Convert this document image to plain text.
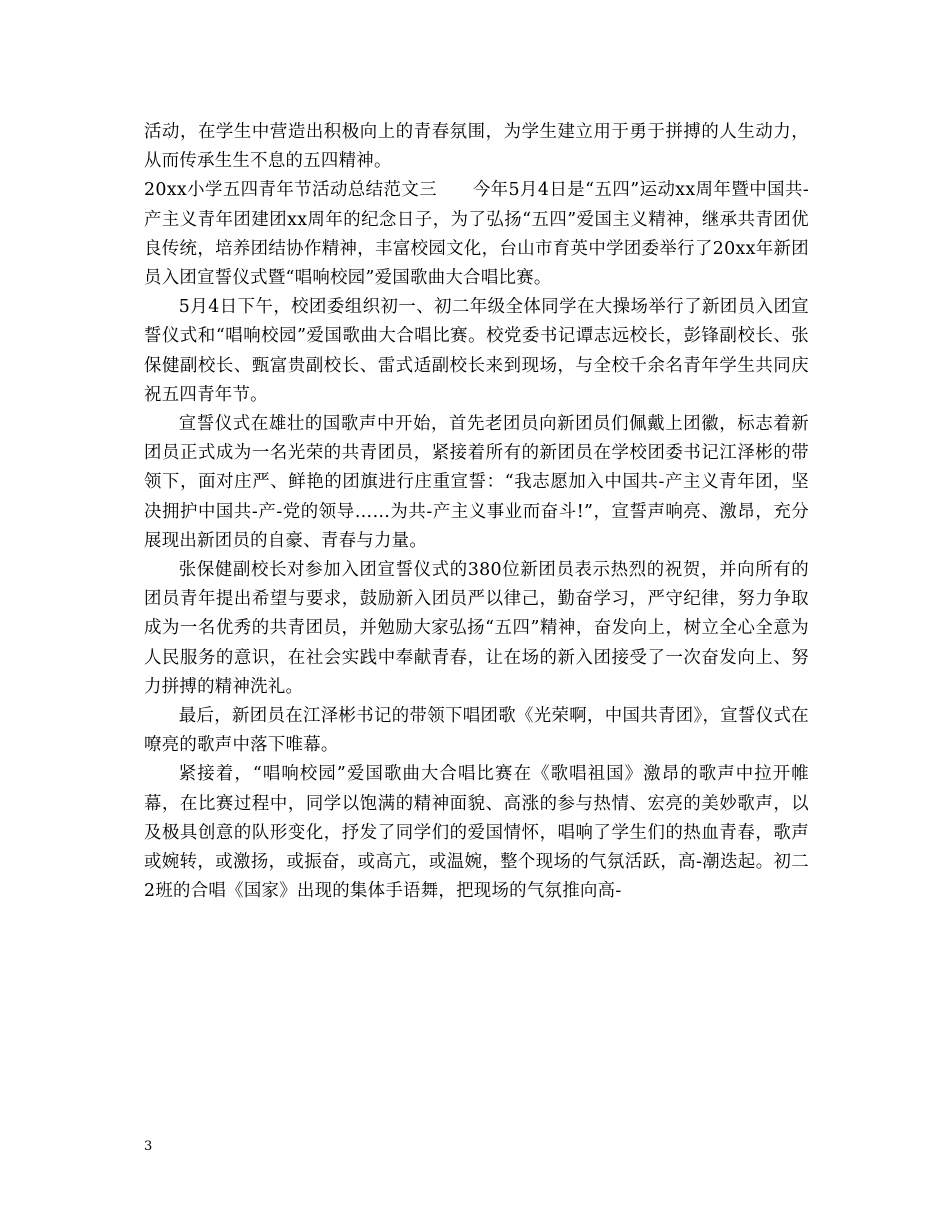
活动，在学生中营造出积极向上的青春氛围，为学生建立用于勇于拼搏的人生动力，从而传承生生不息的五四精神。

20xx小学五四青年节活动总结范文三　　今年5月4日是“五四”运动xx周年暨中国共-产主义青年团建团xx周年的纪念日子，为了弘扬“五四”爱国主义精神，继承共青团优良传统，培养团结协作精神，丰富校园文化，台山市育英中学团委举行了20xx年新团员入团宣誓仪式暨“唱响校园”爱国歌曲大合唱比赛。

5月4日下午，校团委组织初一、初二年级全体同学在大操场举行了新团员入团宣誓仪式和“唱响校园”爱国歌曲大合唱比赛。校党委书记谭志远校长，彭锋副校长、张保健副校长、甄富贵副校长、雷式适副校长来到现场，与全校千余名青年学生共同庆祝五四青年节。

宣誓仪式在雄壮的国歌声中开始，首先老团员向新团员们佩戴上团徽，标志着新团员正式成为一名光荣的共青团员，紧接着所有的新团员在学校团委书记江泽彬的带领下，面对庄严、鲜艳的团旗进行庄重宣誓：“我志愿加入中国共-产主义青年团，坚决拥护中国共-产-党的领导……为共-产主义事业而奋斗!”，宣誓声响亮、激昂，充分展现出新团员的自豪、青春与力量。

张保健副校长对参加入团宣誓仪式的380位新团员表示热烈的祝贺，并向所有的团员青年提出希望与要求，鼓励新入团员严以律己，勤奋学习，严守纪律，努力争取成为一名优秀的共青团员，并勉励大家弘扬“五四”精神，奋发向上，树立全心全意为人民服务的意识，在社会实践中奉献青春，让在场的新入团接受了一次奋发向上、努力拼搏的精神洗礼。

最后，新团员在江泽彬书记的带领下唱团歌《光荣啊，中国共青团》，宣誓仪式在嘹亮的歌声中落下唯幕。

紧接着，“唱响校园”爱国歌曲大合唱比赛在《歌唱祖国》激昂的歌声中拉开帷幕，在比赛过程中，同学以饱满的精神面貌、高涨的参与热情、宏亮的美妙歌声，以及极具创意的队形变化，抒发了同学们的爱国情怀，唱响了学生们的热血青春，歌声或婉转，或激扬，或振奋，或高亢，或温婉，整个现场的气氛活跃，高-潮迭起。初二2班的合唱《国家》出现的集体手语舞，把现场的气氛推向高-

3
